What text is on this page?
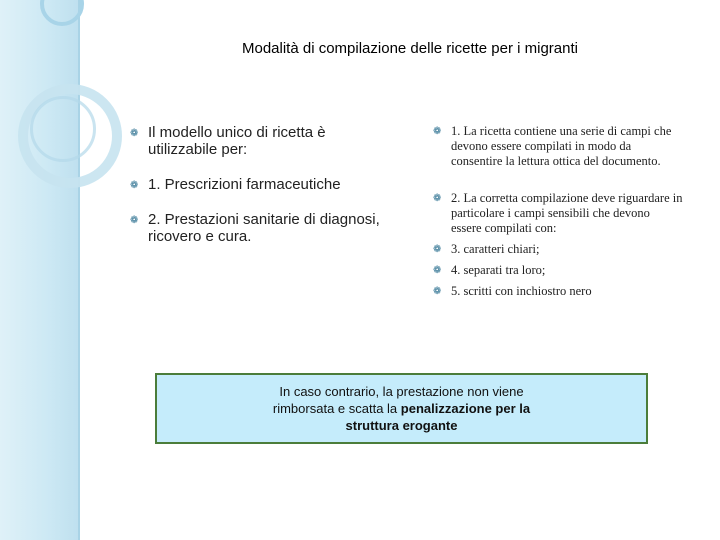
Modalità di compilazione delle ricette per i migranti
❁ Il modello unico di ricetta è utilizzabile per:
❁ 1. Prescrizioni farmaceutiche
❁ 2. Prestazioni sanitarie di diagnosi, ricovero e cura.
❁ 1. La ricetta contiene una serie di campi che devono essere compilati in modo da consentire la lettura ottica del documento.
❁ 2. La corretta compilazione deve riguardare in particolare i campi sensibili che devono essere compilati con:
❁ 3. caratteri chiari;
❁ 4. separati tra loro;
❁ 5. scritti con inchiostro nero
In caso contrario, la prestazione non viene
rimborsata e scatta la penalizzazione per la
struttura erogante
